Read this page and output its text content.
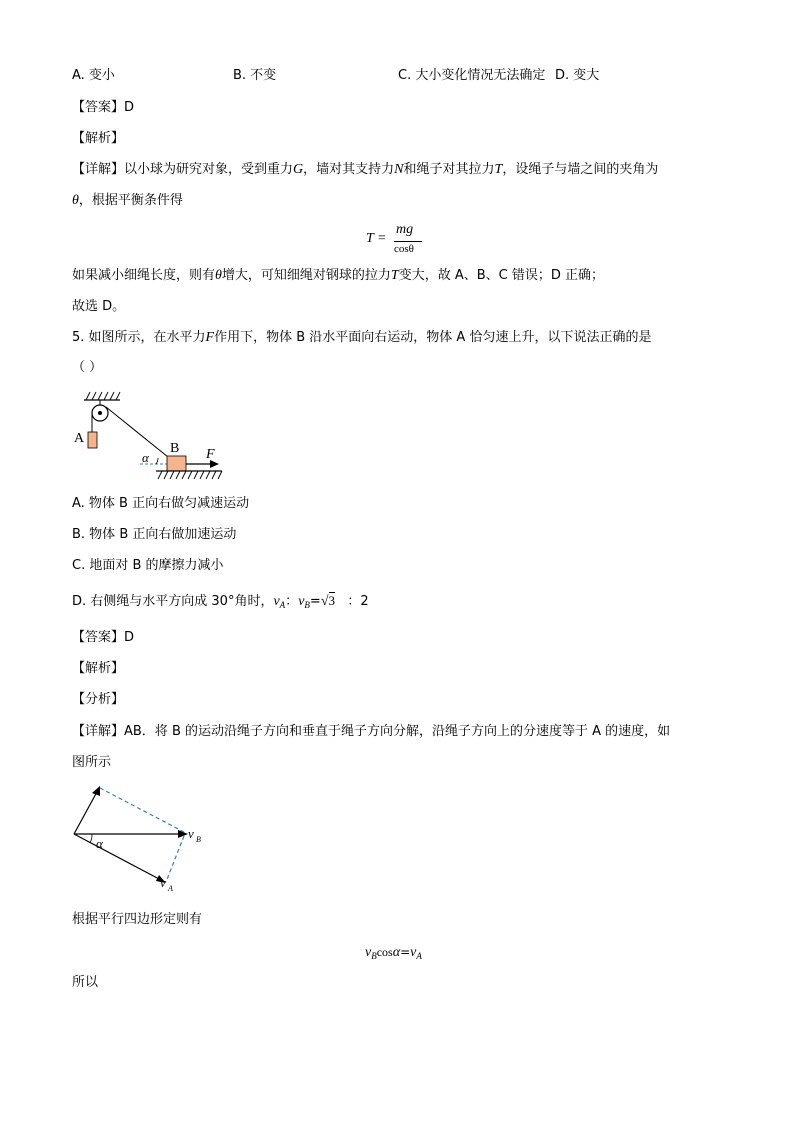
A. 变小	B. 不变	C. 大小变化情况无法确定 D. 变大
【答案】D
【解析】
【详解】以小球为研究对象，受到重力G，墙对其支持力N和绳子对其拉力T，设绳子与墙之间的夹角为
θ，根据平衡条件得
T =
mg
cosθ
如果减小细绳长度，则有θ增大，可知细绳对钢球的拉力T变大，故 A、B、C 错误；D 正确；
故选 D。
5. 如图所示，在水平力F作用下，物体 B 沿水平面向右运动，物体 A 恰匀速上升，以下说法正确的是
（ ）
A
α
B F
A. 物体 B 正向右做匀减速运动
B. 物体 B 正向右做加速运动
C. 地面对 B 的摩擦力减小
D. 右侧绳与水平方向成 30°角时，$v_A$：$v_B=√3$ ：2
【答案】D
【解析】
【分析】
【详解】AB．将 B 的运动沿绳子方向和垂直于绳子方向分解，沿绳子方向上的分速度等于 A 的速度，如
图所示
α
v B
v A
根据平行四边形定则有
$v_B\cos\alpha=v_A$
所以
